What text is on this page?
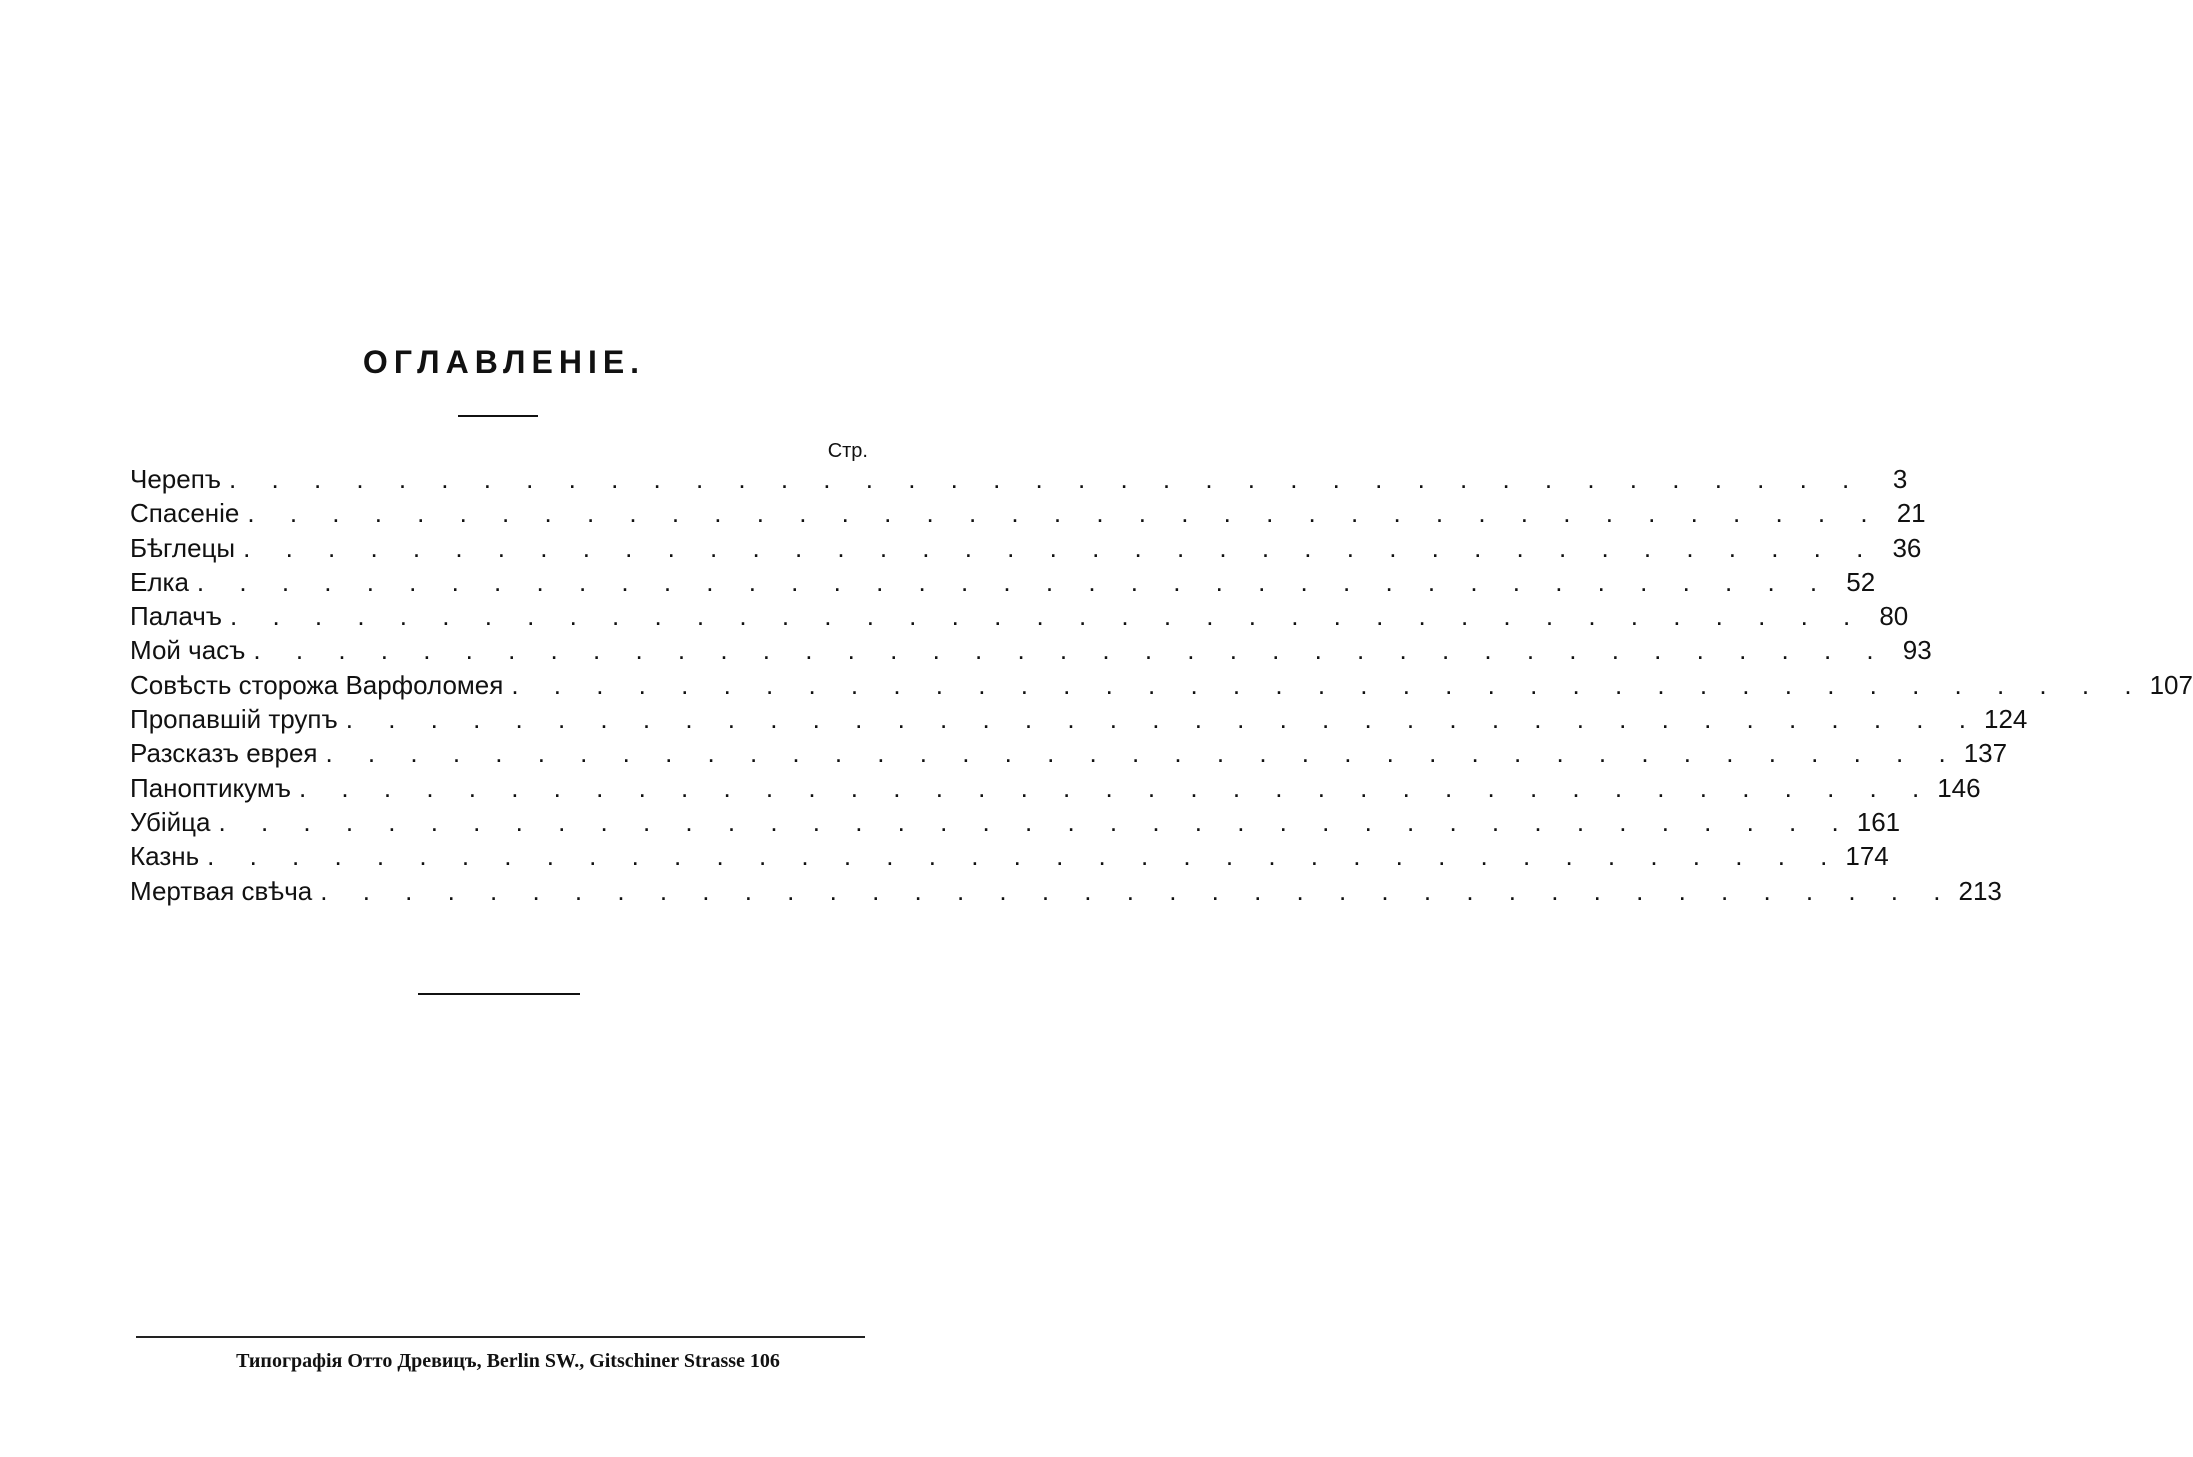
ОГЛАВЛЕНІЕ.
Стр.
Черепъ . . . . . . . . . . . . . . . . . . . . . . . . . . . . . . . . . . . . . . .	3
Спасеніе . . . . . . . . . . . . . . . . . . . . . . . . . . . . . . . . . . . . . . . 21
Бѣглецы . . . . . . . . . . . . . . . . . . . . . . . . . . . . . . . . . . . . . . . 36
Елка . . . . . . . . . . . . . . . . . . . . . . . . . . . . . . . . . . . . . . . 52
Палачъ . . . . . . . . . . . . . . . . . . . . . . . . . . . . . . . . . . . . . . . 80
Мой часъ . . . . . . . . . . . . . . . . . . . . . . . . . . . . . . . . . . . . . . . 93
Совѣсть сторожа Варфоломея . . . . . . . . . . . . . . . . . . . . . . . . . . . . . . . . . . . . . . . 107
Пропавшій трупъ . . . . . . . . . . . . . . . . . . . . . . . . . . . . . . . . . . . . . . . 124
Разсказъ еврея . . . . . . . . . . . . . . . . . . . . . . . . . . . . . . . . . . . . . . . 137
Паноптикумъ . . . . . . . . . . . . . . . . . . . . . . . . . . . . . . . . . . . . . . . 146
Убійца . . . . . . . . . . . . . . . . . . . . . . . . . . . . . . . . . . . . . . . 161
Казнь . . . . . . . . . . . . . . . . . . . . . . . . . . . . . . . . . . . . . . . 174
Мертвая свѣча . . . . . . . . . . . . . . . . . . . . . . . . . . . . . . . . . . . . . . . 213
Типографія Отто Древицъ, Berlin SW., Gitschiner Strasse 106
